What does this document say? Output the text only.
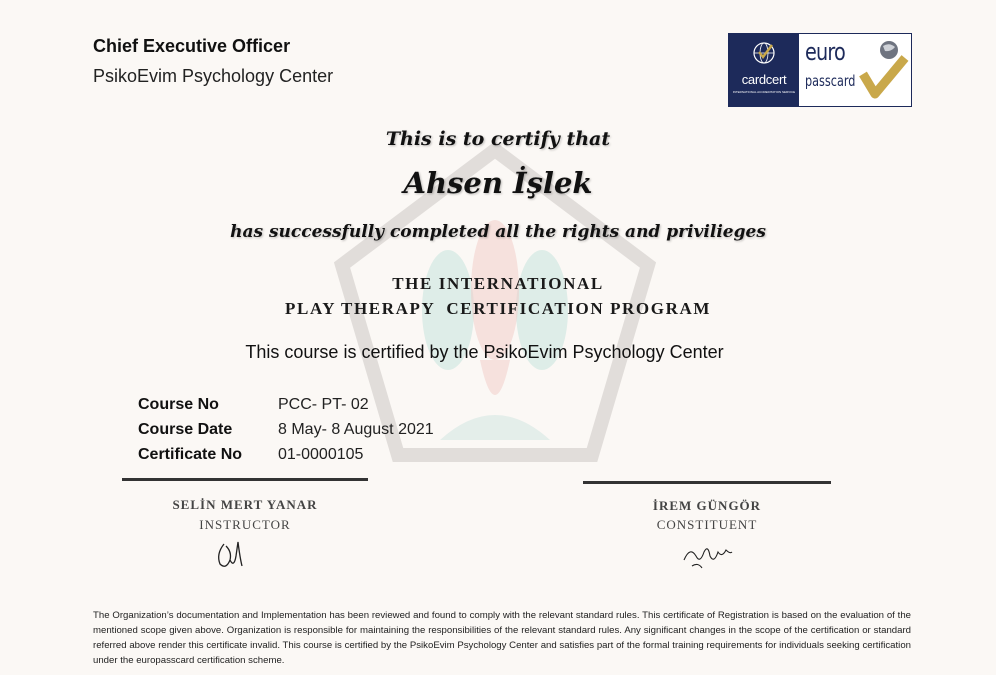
Chief Executive Officer
PsikoEvim Psychology Center	cardcert
INTERNATIONAL ACCREDITATION SERVICE
euro
passcard
This is to certify that
Ahsen İşlek
has successfully completed all the rights and privilieges
THE INTERNATIONAL
PLAY THERAPY  CERTIFICATION PROGRAM
This course is certified by the PsikoEvim Psychology Center
Course No	PCC- PT- 02
Course Date	8 May- 8 August 2021
Certificate No 01-0000105
SELİN MERT YANAR
INSTRUCTOR
İREM GÜNGÖR
CONSTITUENT
The Organization’s documentation and Implementation has been reviewed and found to comply with the relevant standard rules. This certificate of Registration is based on the evaluation of the mentioned scope given above. Organization is responsible for maintaining the responsibilities of the relevant standard rules. Any significant changes in the scope of the certification or standard referred above render this certificate invalid. This course is certified by the PsikoEvim Psychology Center and satisfies part of the formal training requirements for individuals seeking certification under the europasscard certification scheme.
